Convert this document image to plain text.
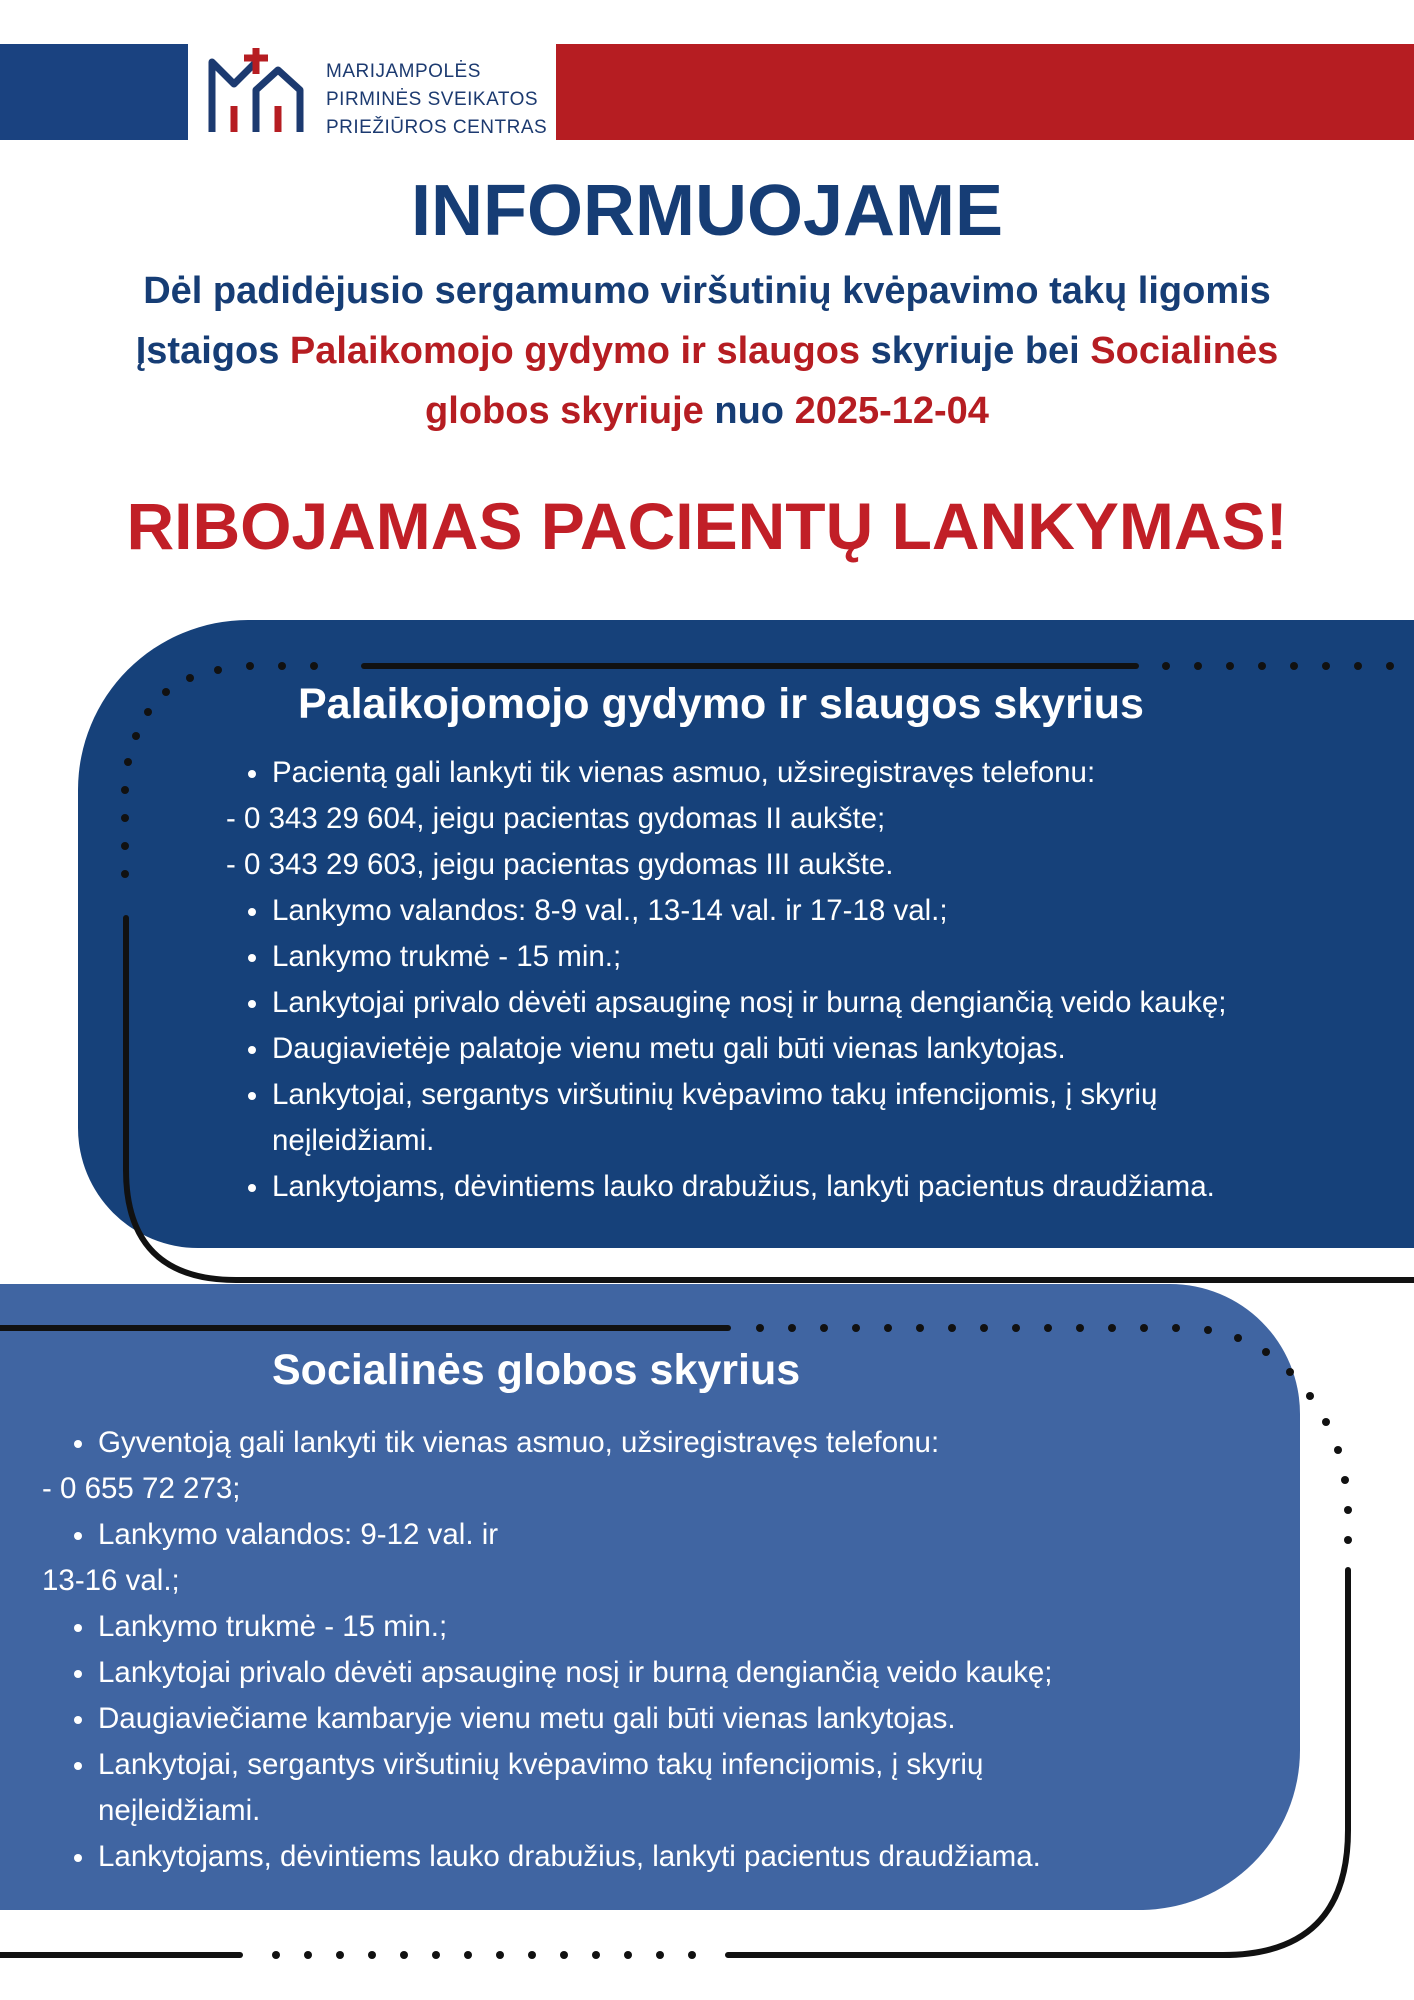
MARIJAMPOLĖS
PIRMINĖS SVEIKATOS
PRIEŽIŪROS CENTRAS
INFORMUOJAME
Dėl padidėjusio sergamumo viršutinių kvėpavimo takų ligomis
Įstaigos Palaikomojo gydymo ir slaugos skyriuje bei Socialinės
globos skyriuje nuo 2025-12-04
RIBOJAMAS PACIENTŲ LANKYMAS!
Palaikojomojo gydymo ir slaugos skyrius
Pacientą gali lankyti tik vienas asmuo, užsiregistravęs telefonu:
- 0 343 29 604, jeigu pacientas gydomas II aukšte;
- 0 343 29 603, jeigu pacientas gydomas III aukšte.
Lankymo valandos: 8-9 val., 13-14 val. ir 17-18 val.;
Lankymo trukmė - 15 min.;
Lankytojai privalo dėvėti apsauginę nosį ir burną dengiančią veido kaukę;
Daugiavietėje palatoje vienu metu gali būti vienas lankytojas.
Lankytojai, sergantys viršutinių kvėpavimo takų infencijomis, į skyrių
neįleidžiami.
Lankytojams, dėvintiems lauko drabužius, lankyti pacientus draudžiama.
Socialinės globos skyrius
Gyventoją gali lankyti tik vienas asmuo, užsiregistravęs telefonu:
- 0 655 72 273;
Lankymo valandos: 9-12 val. ir
13-16 val.;
Lankymo trukmė - 15 min.;
Lankytojai privalo dėvėti apsauginę nosį ir burną dengiančią veido kaukę;
Daugiaviečiame kambaryje vienu metu gali būti vienas lankytojas.
Lankytojai, sergantys viršutinių kvėpavimo takų infencijomis, į skyrių
neįleidžiami.
Lankytojams, dėvintiems lauko drabužius, lankyti pacientus draudžiama.
